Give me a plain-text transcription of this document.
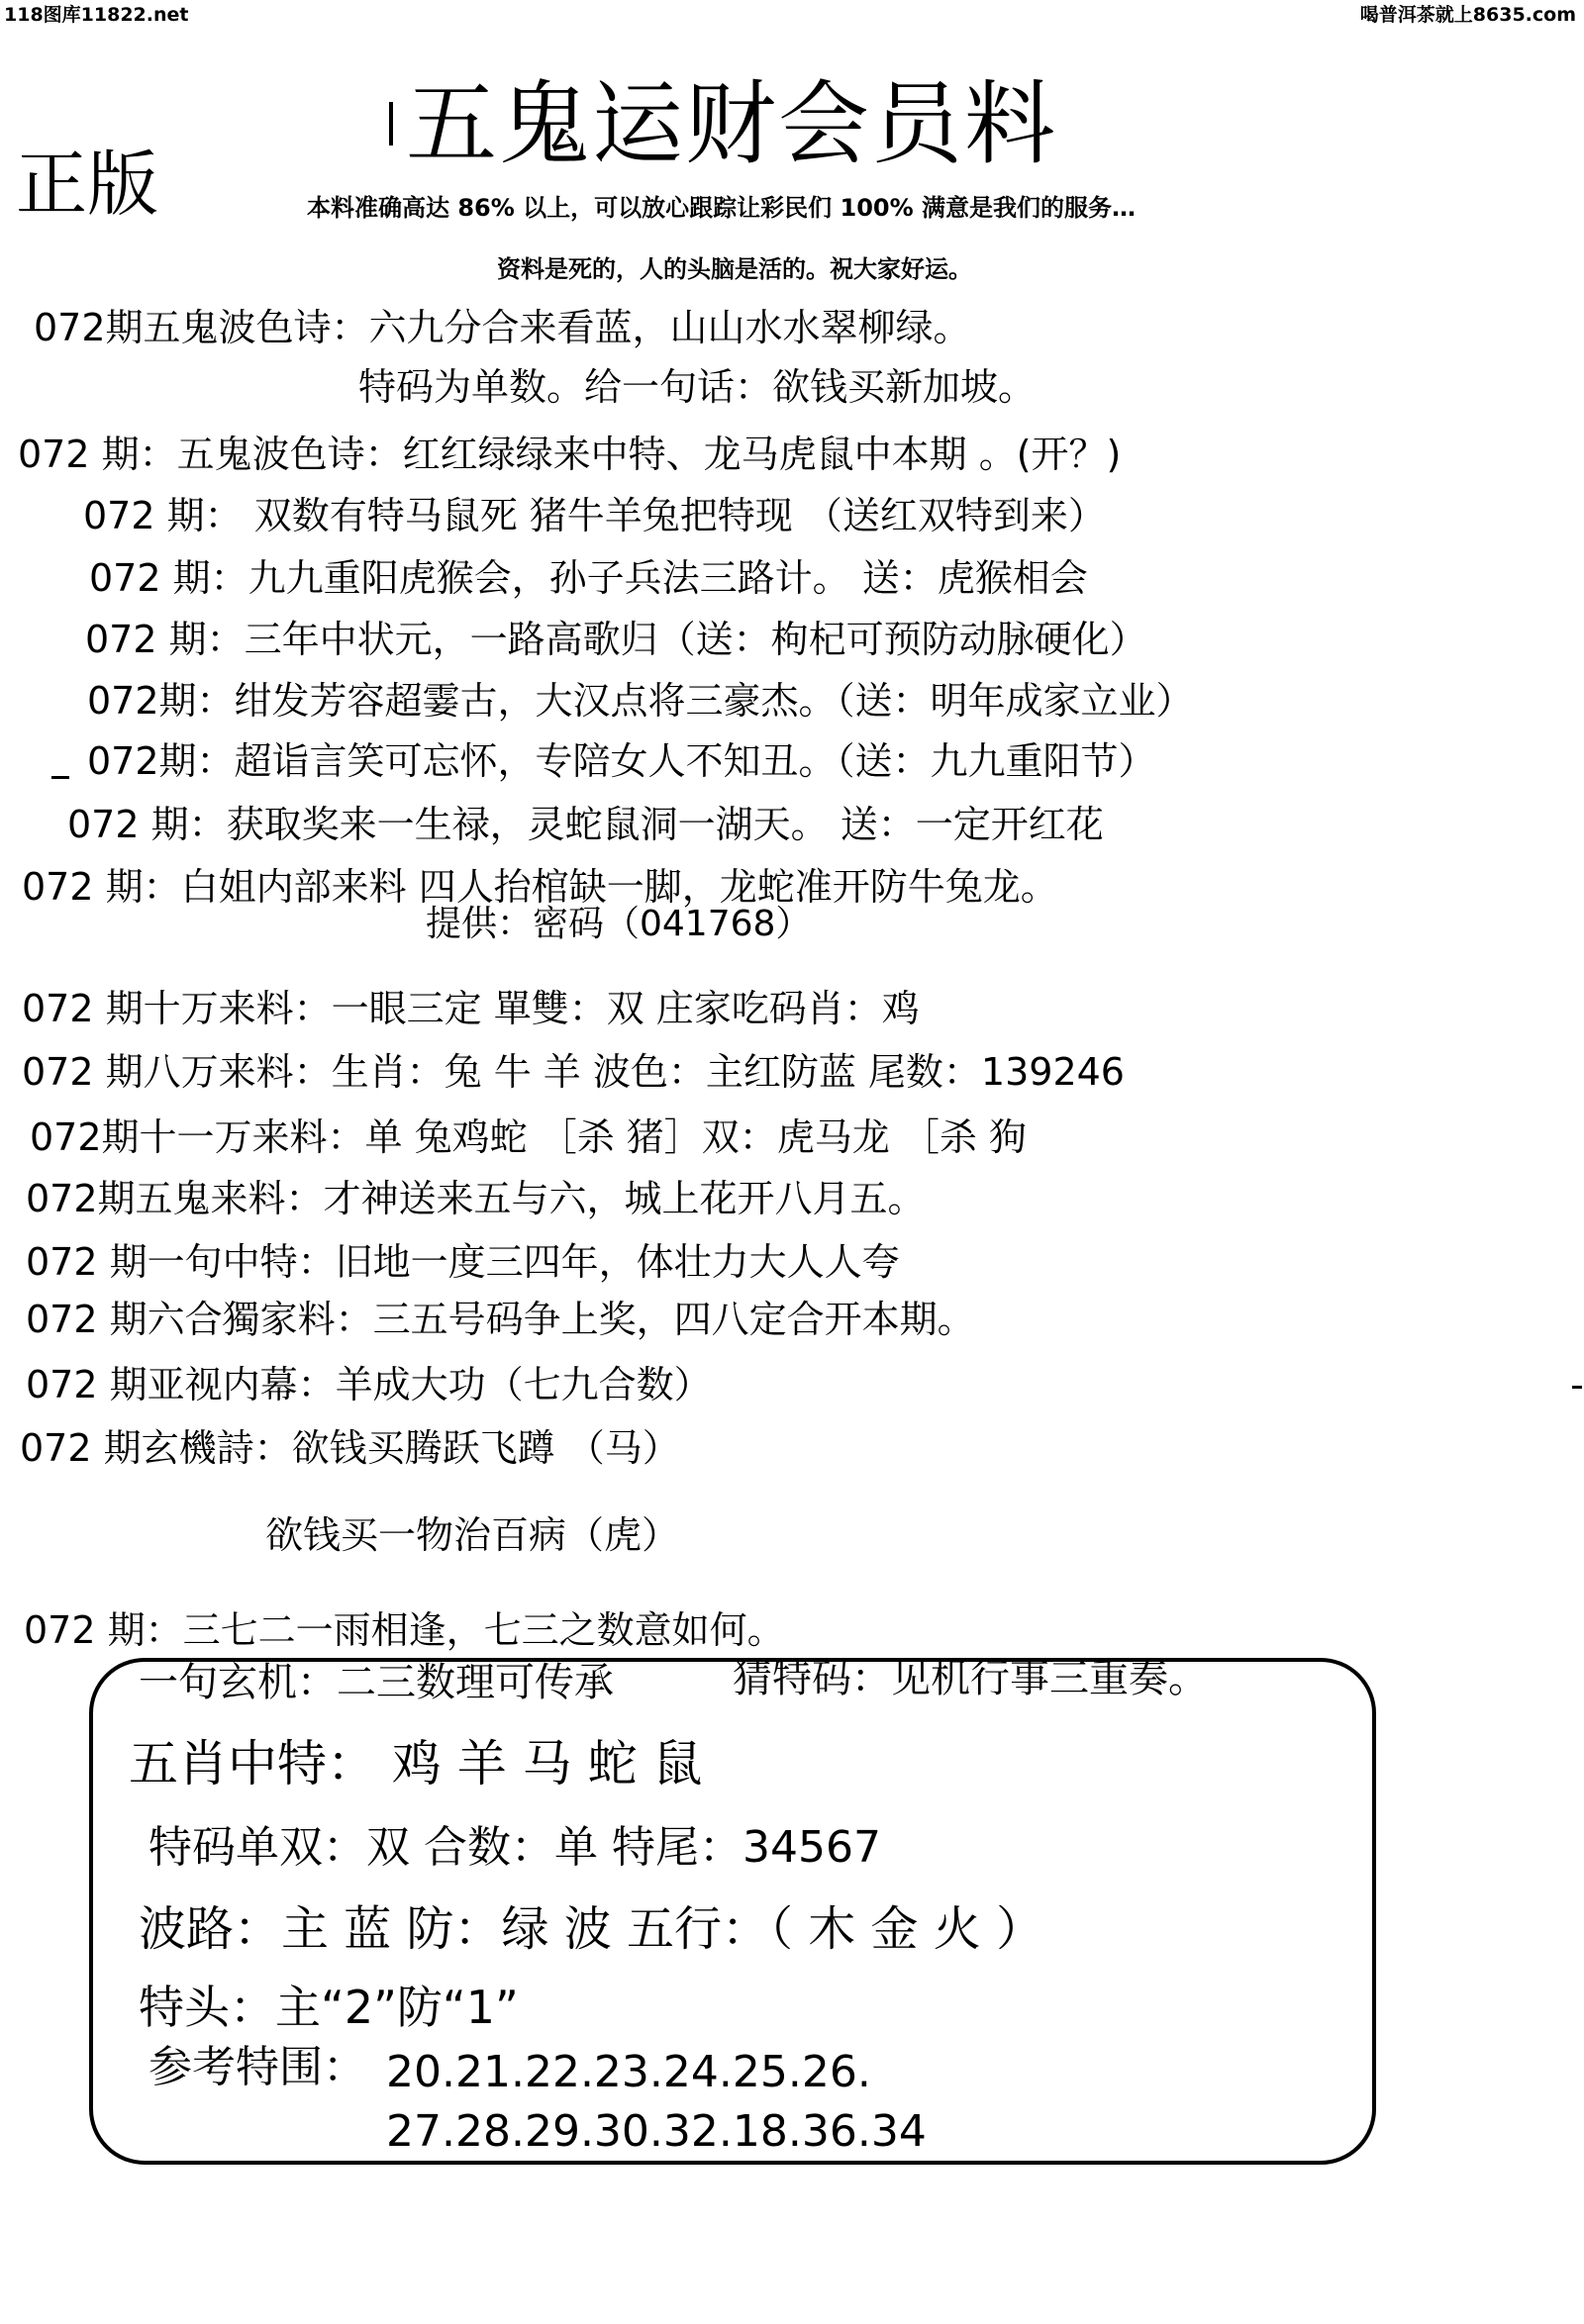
118图库11822.net	喝普洱茶就上8635.com
五鬼运财会员料
正版	本料准确高达 86% 以上，可以放心跟踪让彩民们 100% 满意是我们的服务…
资料是死的，人的头脑是活的。祝大家好运。
072期五鬼波色诗：六九分合来看蓝，山山水水翠柳绿。
特码为单数。给一句话：欲钱买新加坡。
072 期：五鬼波色诗：红红绿绿来中特、龙马虎鼠中本期 。(开？)
072 期： 双数有特马鼠死 猪牛羊兔把特现 （送红双特到来）
072 期：九九重阳虎猴会，孙子兵法三路计。 送：虎猴相会
072 期：三年中状元，一路高歌归（送：枸杞可预防动脉硬化）
072期：绀发芳容超霎古，大汉点将三豪杰。（送：明年成家立业）
072期：超诣言笑可忘怀，专陪女人不知丑。（送：九九重阳节）
072 期：获取奖来一生禄，灵蛇鼠洞一湖天。 送：一定开红花
072 期：白姐内部来料 四人抬棺缺一脚，龙蛇准开防牛兔龙。
提供：密码（041768）
072 期十万来料：一眼三定 單雙：双 庄家吃码肖：鸡
072 期八万来料：生肖：兔 牛 羊 波色：主红防蓝 尾数：139246
072期十一万来料：单 兔鸡蛇 ［杀 猪］双：虎马龙 ［杀 狗
072期五鬼来料：才神送来五与六，城上花开八月五。
072 期一句中特：旧地一度三四年，体壮力大人人夸
072 期六合獨家料：三五号码争上奖，四八定合开本期。
072 期亚视内幕：羊成大功（七九合数）
072 期玄機詩：欲钱买腾跃飞蹲 （马）
欲钱买一物治百病（虎）
072 期：三七二一雨相逢，七三之数意如何。
一句玄机：二三数理可传承	猜特码：见机行事三重奏。
五肖中特： 鸡 羊 马 蛇 鼠
特码单双：双 合数：单 特尾：34567
波路：主 蓝 防：绿 波 五行：（ 木 金 火 ）
特头：主“2”防“1”
参考特围： 20.21.22.23.24.25.26.
27.28.29.30.32.18.36.34
